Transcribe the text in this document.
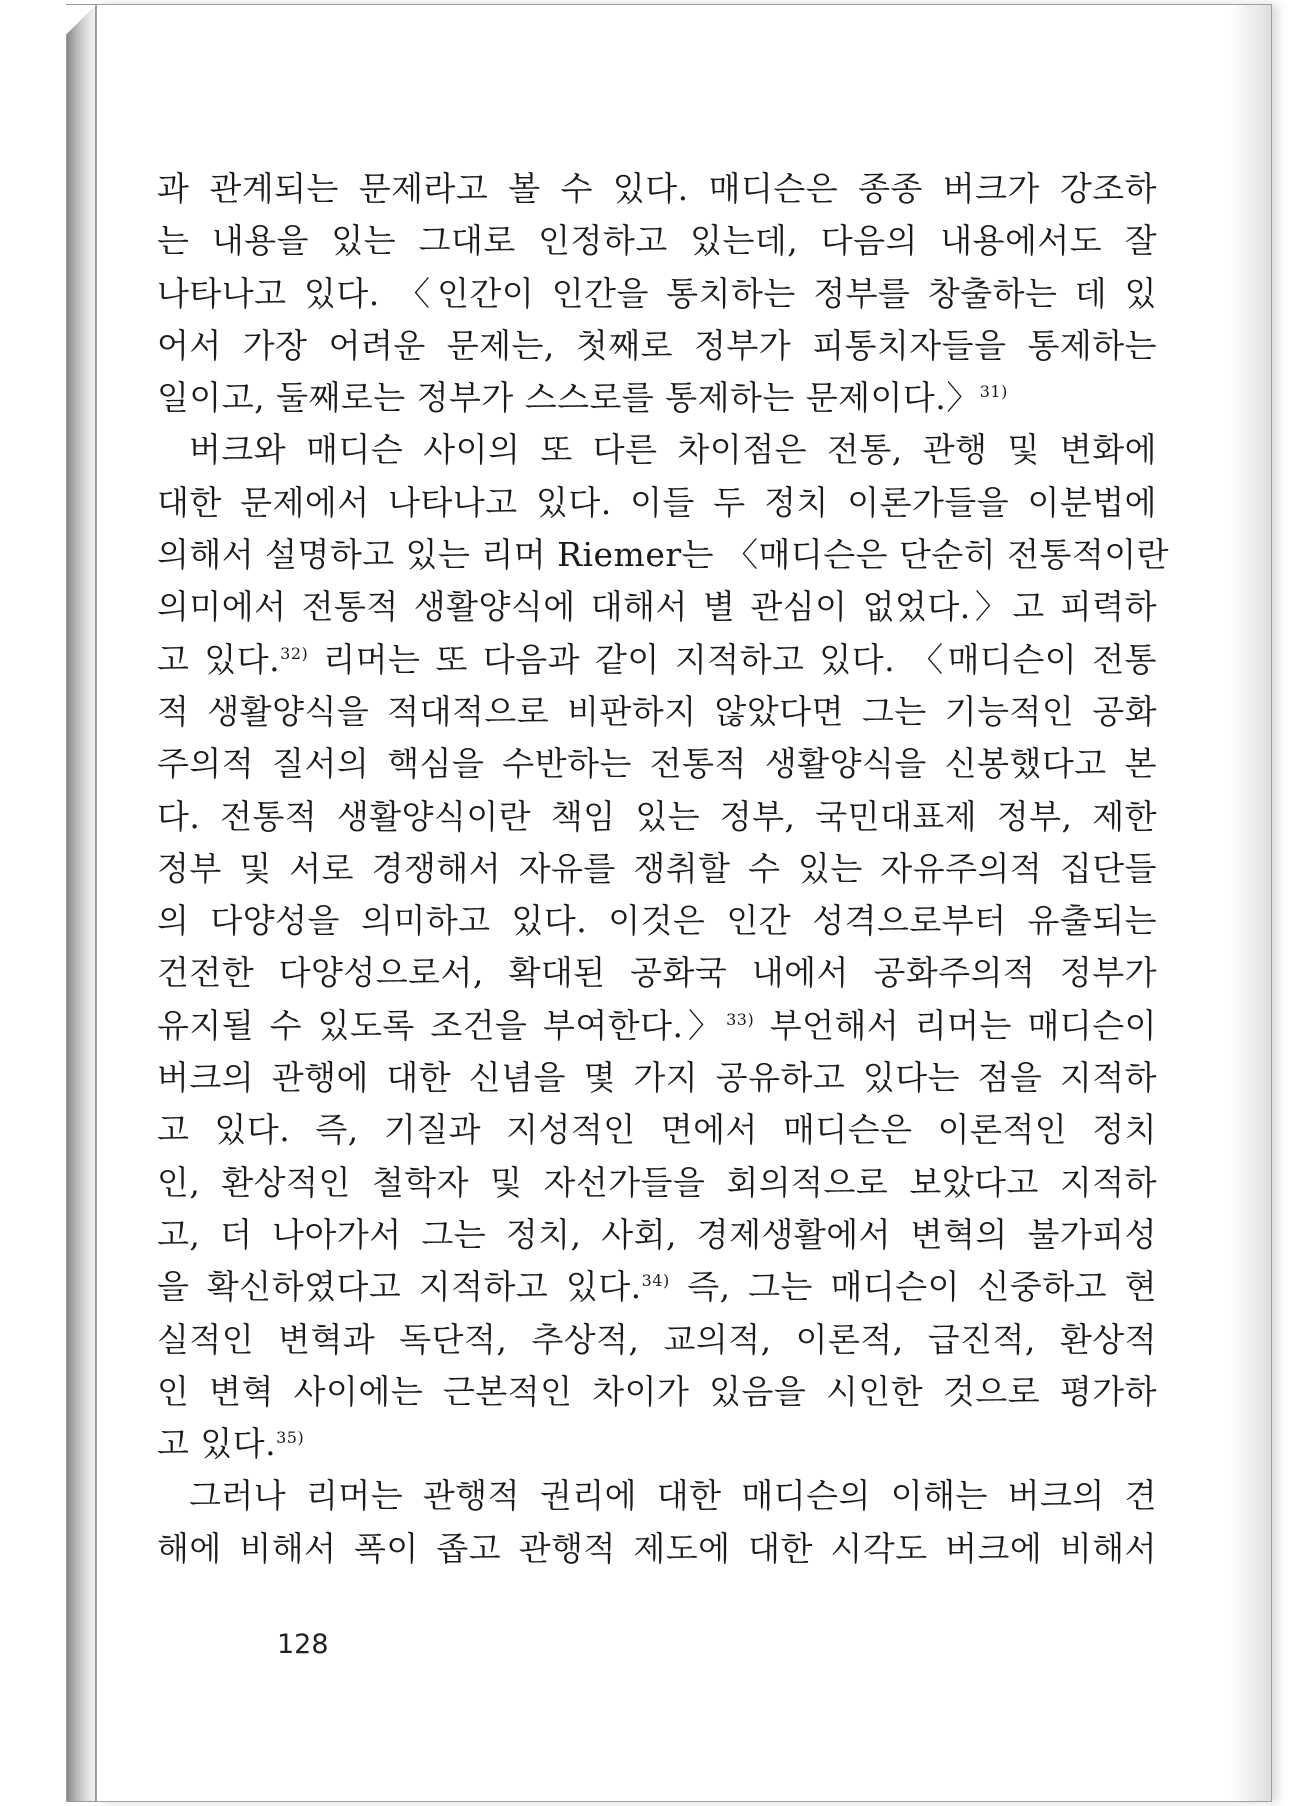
과 관계되는 문제라고 볼 수 있다. 매디슨은 종종 버크가 강조하
는 내용을 있는 그대로 인정하고 있는데, 다음의 내용에서도 잘
나타나고 있다. 〈인간이 인간을 통치하는 정부를 창출하는 데 있
어서 가장 어려운 문제는, 첫째로 정부가 피통치자들을 통제하는
일이고, 둘째로는 정부가 스스로를 통제하는 문제이다.〉$^{31)}$
버크와 매디슨 사이의 또 다른 차이점은 전통, 관행 및 변화에
대한 문제에서 나타나고 있다. 이들 두 정치 이론가들을 이분법에
의해서 설명하고 있는 리머 Riemer는 〈매디슨은 단순히 전통적이란
의미에서 전통적 생활양식에 대해서 별 관심이 없었다.〉고 피력하
고 있다.$^{32)}$ 리머는 또 다음과 같이 지적하고 있다. 〈매디슨이 전통
적 생활양식을 적대적으로 비판하지 않았다면 그는 기능적인 공화
주의적 질서의 핵심을 수반하는 전통적 생활양식을 신봉했다고 본
다. 전통적 생활양식이란 책임 있는 정부, 국민대표제 정부, 제한
정부 및 서로 경쟁해서 자유를 쟁취할 수 있는 자유주의적 집단들
의 다양성을 의미하고 있다. 이것은 인간 성격으로부터 유출되는
건전한 다양성으로서, 확대된 공화국 내에서 공화주의적 정부가
유지될 수 있도록 조건을 부여한다.〉$^{33)}$ 부언해서 리머는 매디슨이
버크의 관행에 대한 신념을 몇 가지 공유하고 있다는 점을 지적하
고 있다. 즉, 기질과 지성적인 면에서 매디슨은 이론적인 정치
인, 환상적인 철학자 및 자선가들을 회의적으로 보았다고 지적하
고, 더 나아가서 그는 정치, 사회, 경제생활에서 변혁의 불가피성
을 확신하였다고 지적하고 있다.$^{34)}$ 즉, 그는 매디슨이 신중하고 현
실적인 변혁과 독단적, 추상적, 교의적, 이론적, 급진적, 환상적
인 변혁 사이에는 근본적인 차이가 있음을 시인한 것으로 평가하
고 있다.$^{35)}$
그러나 리머는 관행적 권리에 대한 매디슨의 이해는 버크의 견
해에 비해서 폭이 좁고 관행적 제도에 대한 시각도 버크에 비해서
128
